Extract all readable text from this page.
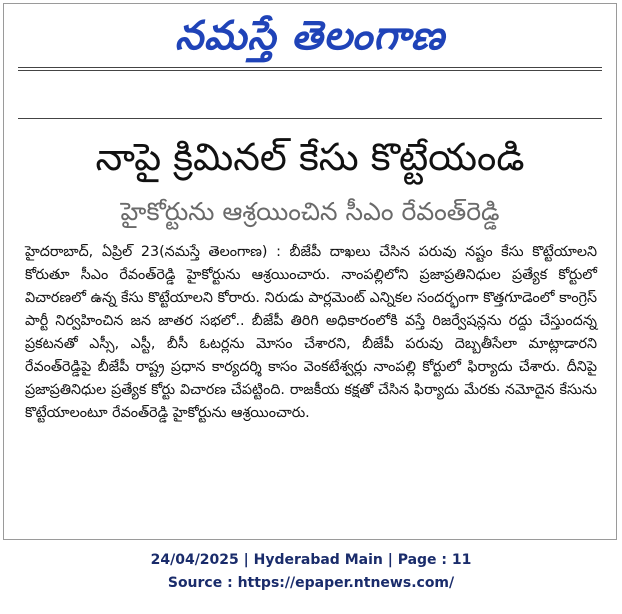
నమస్తే తెలంగాణ
నాపై క్రిమినల్ కేసు కొట్టేయండి
హైకోర్టును ఆశ్రయించిన సీఎం రేవంత్‌రెడ్డి
హైదరాబాద్, ఏప్రిల్ 23(నమస్తే తెలంగాణ) : బీజేపీ దాఖలు చేసిన పరువు నష్టం కేసు కొట్టేయాలని కోరుతూ సీఎం రేవంత్‌రెడ్డి హైకోర్టును ఆశ్రయించారు. నాంపల్లిలోని ప్రజాప్రతినిధుల ప్రత్యేక కోర్టులో విచారణలో ఉన్న కేసు కొట్టేయాలని కోరారు. నిరుడు పార్లమెంట్ ఎన్నికల సందర్భంగా కొత్తగూడెంలో కాంగ్రెస్ పార్టీ నిర్వహించిన జన జాతర సభలో.. బీజేపీ తిరిగి అధికారంలోకి వస్తే రిజర్వేషన్లను రద్దు చేస్తుందన్న ప్రకటనతో ఎస్సీ, ఎస్టీ, బీసీ ఓటర్లను మోసం చేశారని, బీజేపీ పరువు దెబ్బతీసేలా మాట్లాడారని రేవంత్‌రెడ్డిపై బీజేపీ రాష్ట్ర ప్రధాన కార్యదర్శి కాసం వెంకటేశ్వర్లు నాంపల్లి కోర్టులో ఫిర్యాదు చేశారు. దీనిపై ప్రజాప్రతినిధుల ప్రత్యేక కోర్టు విచారణ చేపట్టింది. రాజకీయ కక్షతో చేసిన ఫిర్యాదు మేరకు నమోదైన కేసును కొట్టేయాలంటూ రేవంత్‌రెడ్డి హైకోర్టును ఆశ్రయించారు.
24/04/2025 | Hyderabad Main | Page : 11
Source : https://epaper.ntnews.com/
